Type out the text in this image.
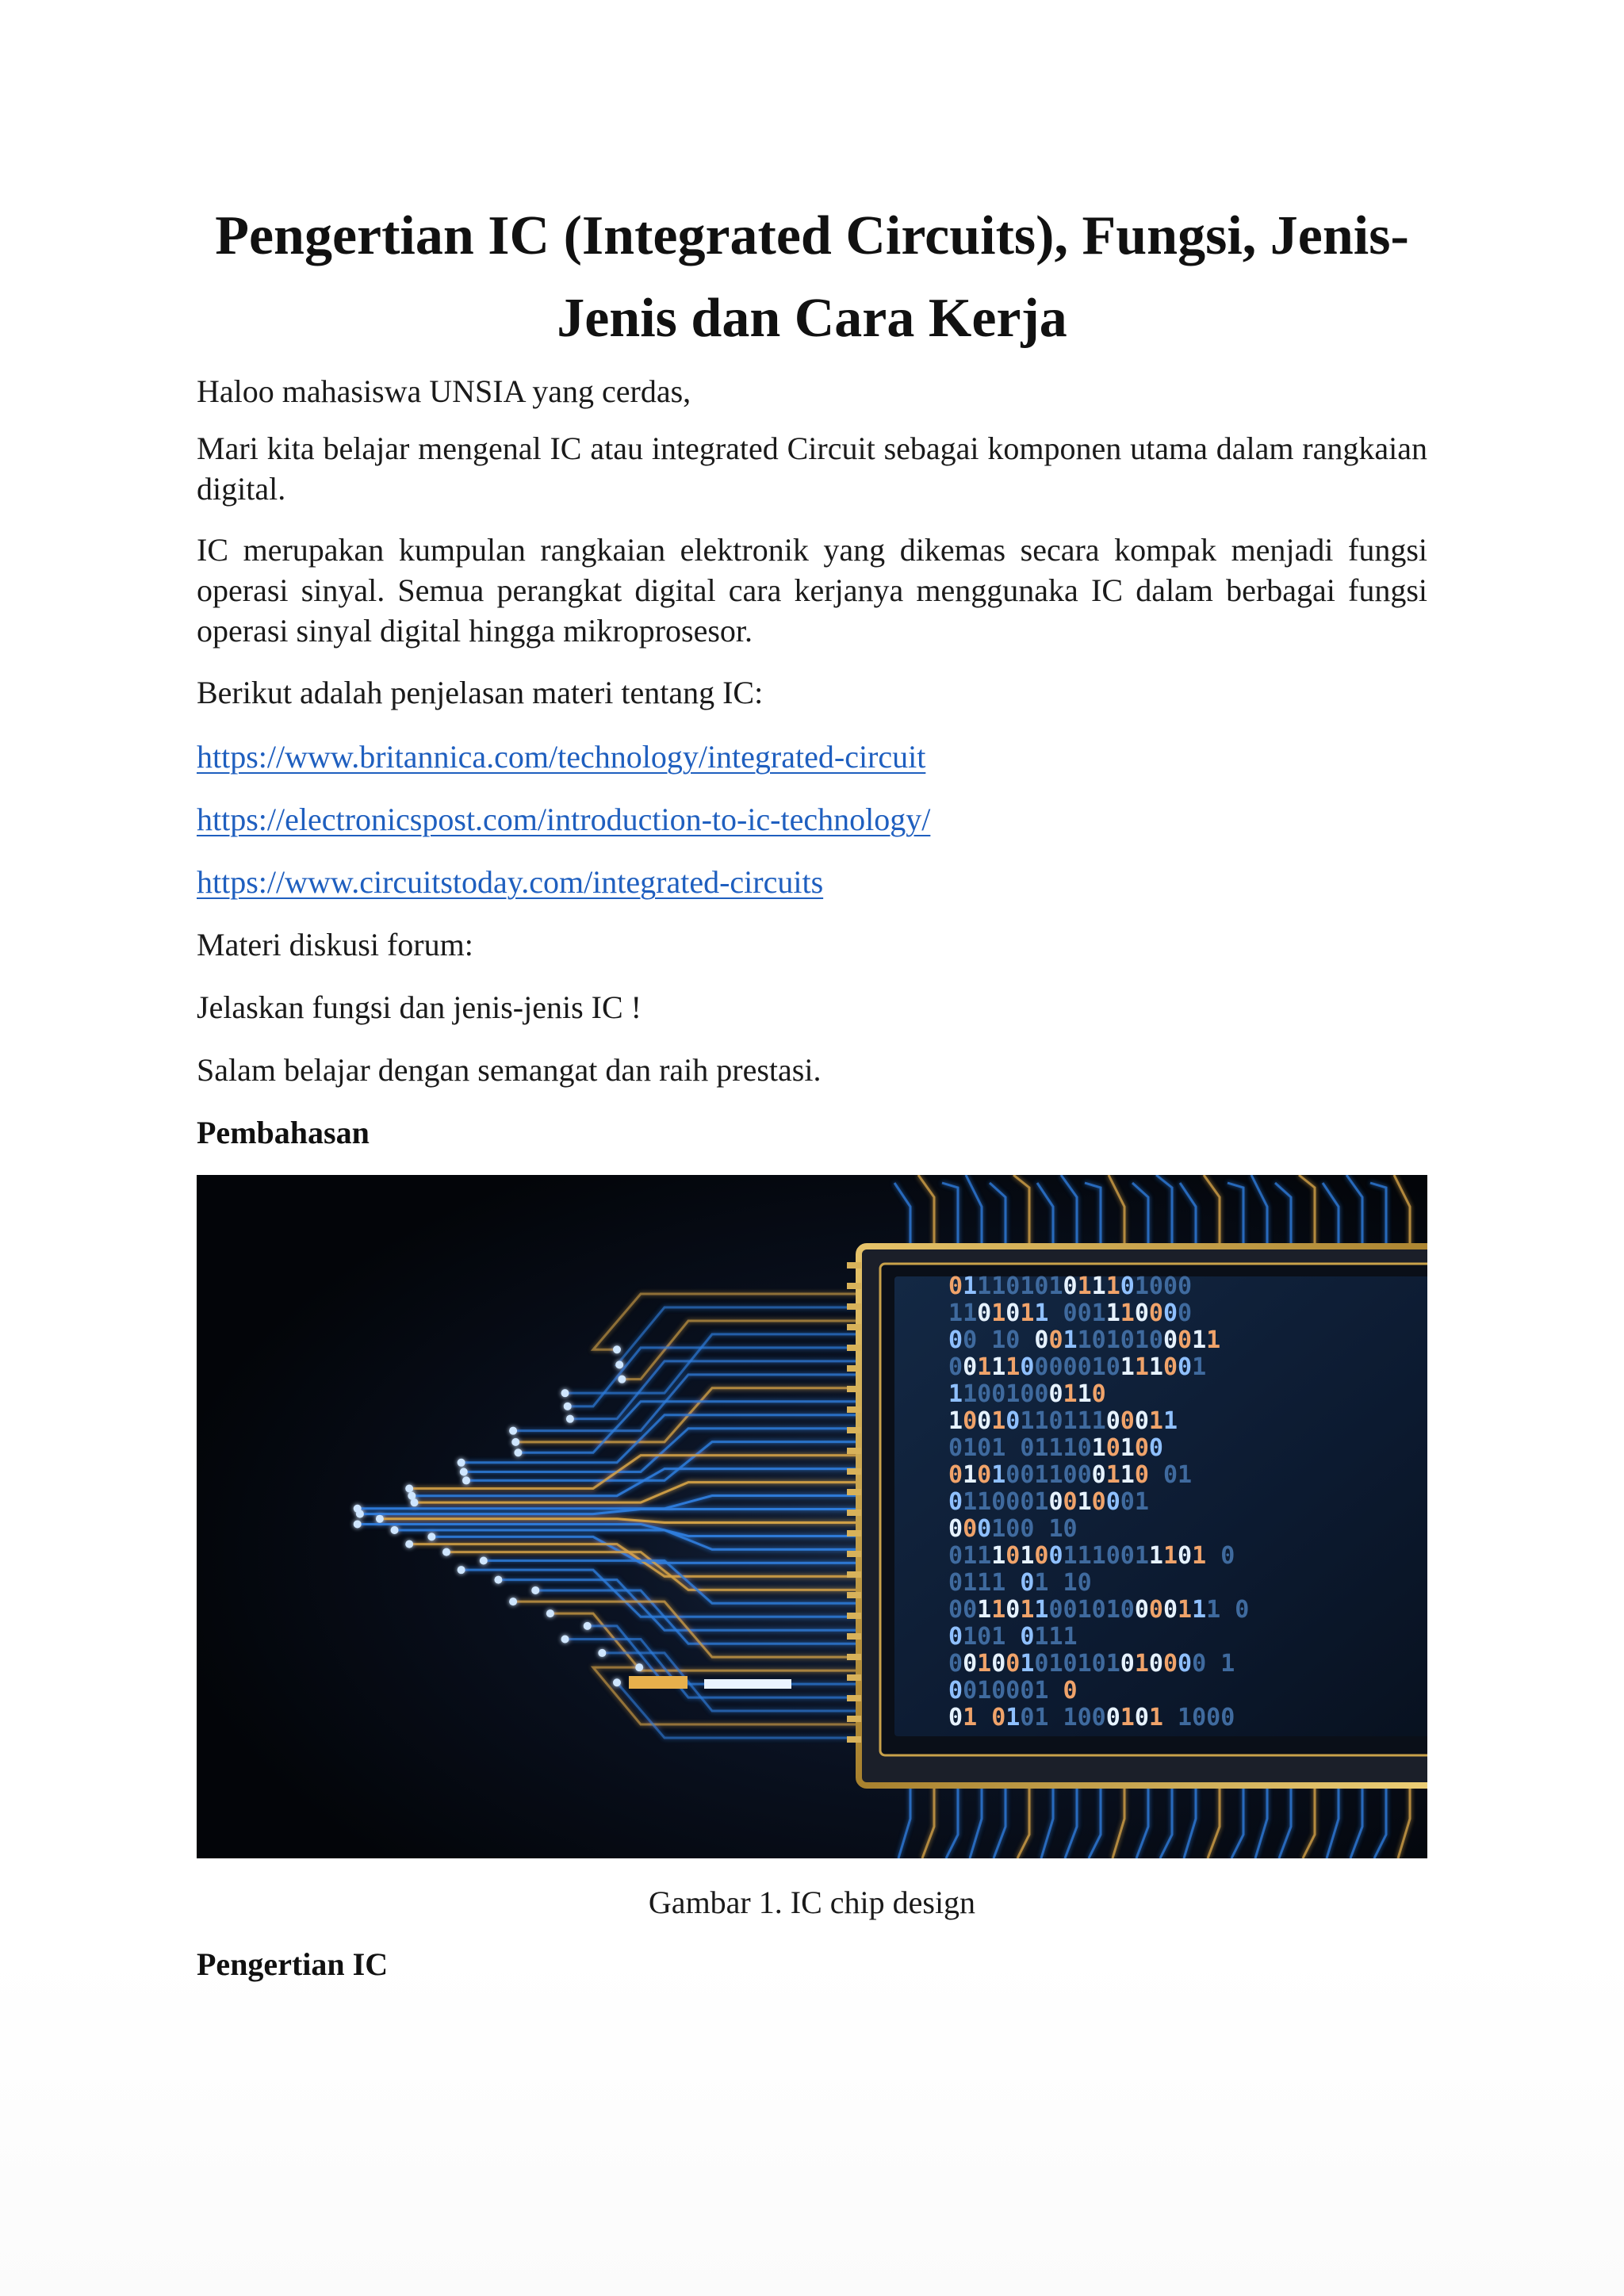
Pengertian IC (Integrated Circuits), Fungsi, Jenis-Jenis dan Cara Kerja

Haloo mahasiswa UNSIA yang cerdas,

Mari kita belajar mengenal IC atau integrated Circuit sebagai komponen utama dalam rangkaian digital.

IC merupakan kumpulan rangkaian elektronik yang dikemas secara kompak menjadi fungsi operasi sinyal. Semua perangkat digital cara kerjanya menggunaka IC dalam berbagai fungsi operasi sinyal digital hingga mikroprosesor.

Berikut adalah penjelasan materi tentang IC:

https://www.britannica.com/technology/integrated-circuit
https://electronicspost.com/introduction-to-ic-technology/
https://www.circuitstoday.com/integrated-circuits

Materi diskusi forum:

Jelaskan fungsi dan jenis-jenis IC !

Salam belajar dengan semangat dan raih prestasi.

Pembahasan
01110101011101000
1101011 001110000
00 10 0011010100011
001110000010111001
11001000110
1001011011100011
0101 0111010100
01010011000110 01
01100010010001
000100 10
011101001110011101 0
0111 01 10
0011011001010000111 0
0101 0111
001001010101010000 1
0010001 0
01 0101 1000101 1000

Gambar 1. IC chip design

Pengertian IC
